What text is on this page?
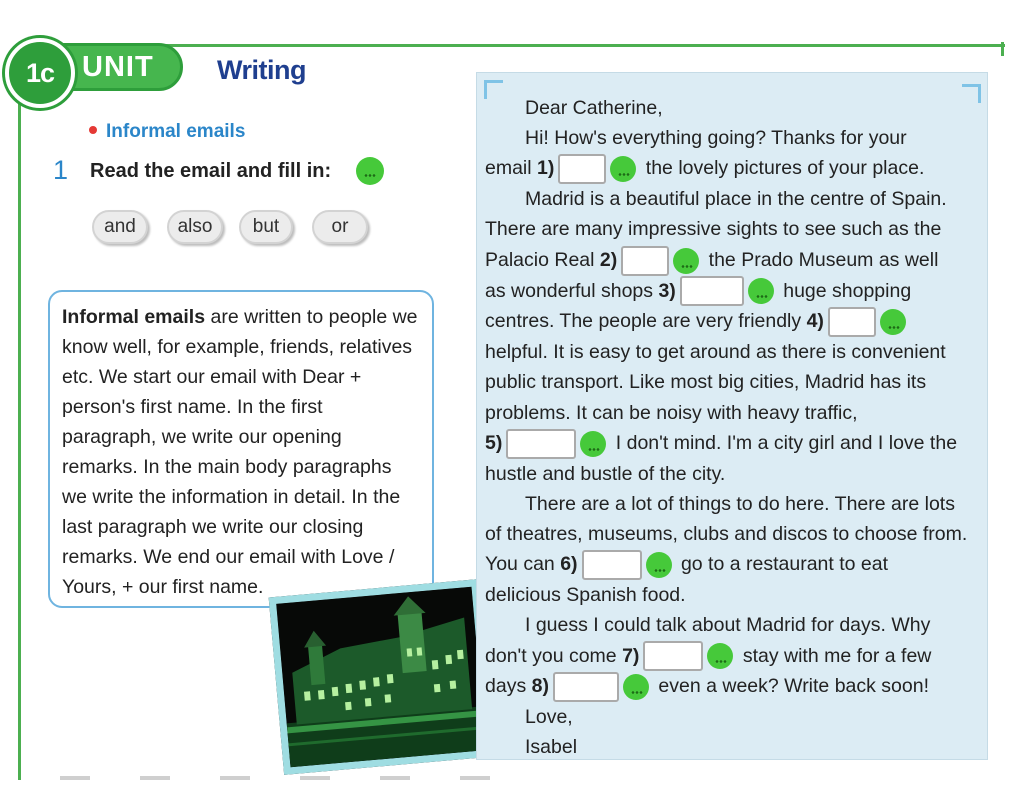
UNIT
1c	Writing
Informal emails
1 Read the email and fill in:
and	also	but	or
Informal emails are written to people we know well, for example, friends, relatives etc. We start our email with Dear + person's first name. In the first paragraph, we write our opening remarks. In the main body paragraphs we write the information in detail. In the last paragraph we write our closing remarks. We end our email with Love / Yours, + our first name.

Dear Catherine,

Hi! How's everything going? Thanks for your

email 1)	the lovely pictures of your place.

Madrid is a beautiful place in the centre of Spain.

There are many impressive sights to see such as the

Palacio Real 2)	the Prado Museum as well

as wonderful shops 3)	huge shopping

centres. The people are very friendly 4)

helpful. It is easy to get around as there is convenient

public transport. Like most big cities, Madrid has its

problems. It can be noisy with heavy traffic,

5)	I don't mind. I'm a city girl and I love the

hustle and bustle of the city.

There are a lot of things to do here. There are lots

of theatres, museums, clubs and discos to choose from.

You can 6)	go to a restaurant to eat

delicious Spanish food.

I guess I could talk about Madrid for days. Why

don't you come 7)	stay with me for a few

days 8)	even a week? Write back soon!

Love,

Isabel
